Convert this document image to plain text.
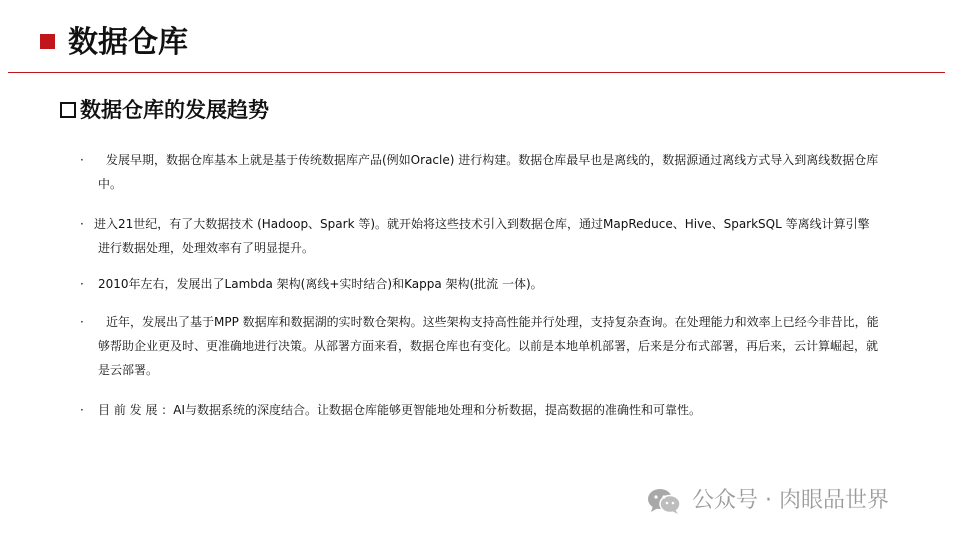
数据仓库
数据仓库的发展趋势
·	发展早期，数据仓库基本上就是基于传统数据库产品(例如Oracle) 进行构建。数据仓库最早也是离线的，数据源通过离线方式导入到离线数据仓库中。
· 进入21世纪，有了大数据技术 (Hadoop、Spark 等)。就开始将这些技术引入到数据仓库，通过MapReduce、Hive、SparkSQL 等离线计算引擎进行数据处理，处理效率有了明显提升。
·	2010年左右，发展出了Lambda 架构(离线+实时结合)和Kappa 架构(批流 一体)。
·	近年，发展出了基于MPP 数据库和数据湖的实时数仓架构。这些架构支持高性能并行处理，支持复杂查询。在处理能力和效率上已经今非昔比，能够帮助企业更及时、更准确地进行决策。从部署方面来看，数据仓库也有变化。以前是本地单机部署，后来是分布式部署，再后来，云计算崛起，就是云部署。
·	目 前 发 展 ：AI与数据系统的深度结合。让数据仓库能够更智能地处理和分析数据，提高数据的准确性和可靠性。
公众号 · 肉眼品世界
